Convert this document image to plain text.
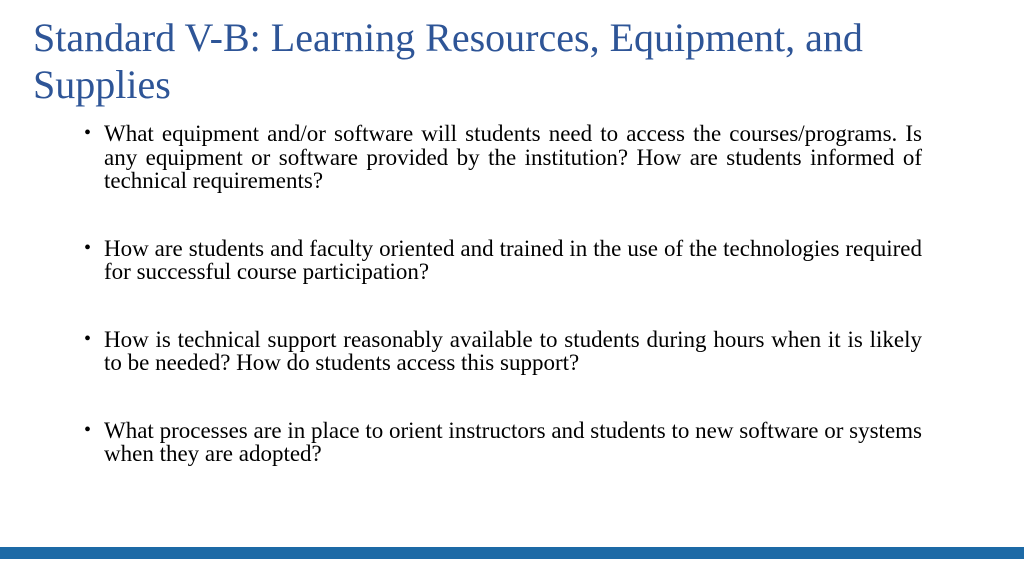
Standard V-B: Learning Resources, Equipment, and Supplies
• What equipment and/or software will students need to access the courses/programs. Is any equipment or software provided by the institution? How are students informed of technical requirements?
• How are students and faculty oriented and trained in the use of the technologies required for successful course participation?
• How is technical support reasonably available to students during hours when it is likely to be needed? How do students access this support?
• What processes are in place to orient instructors and students to new software or systems when they are adopted?
